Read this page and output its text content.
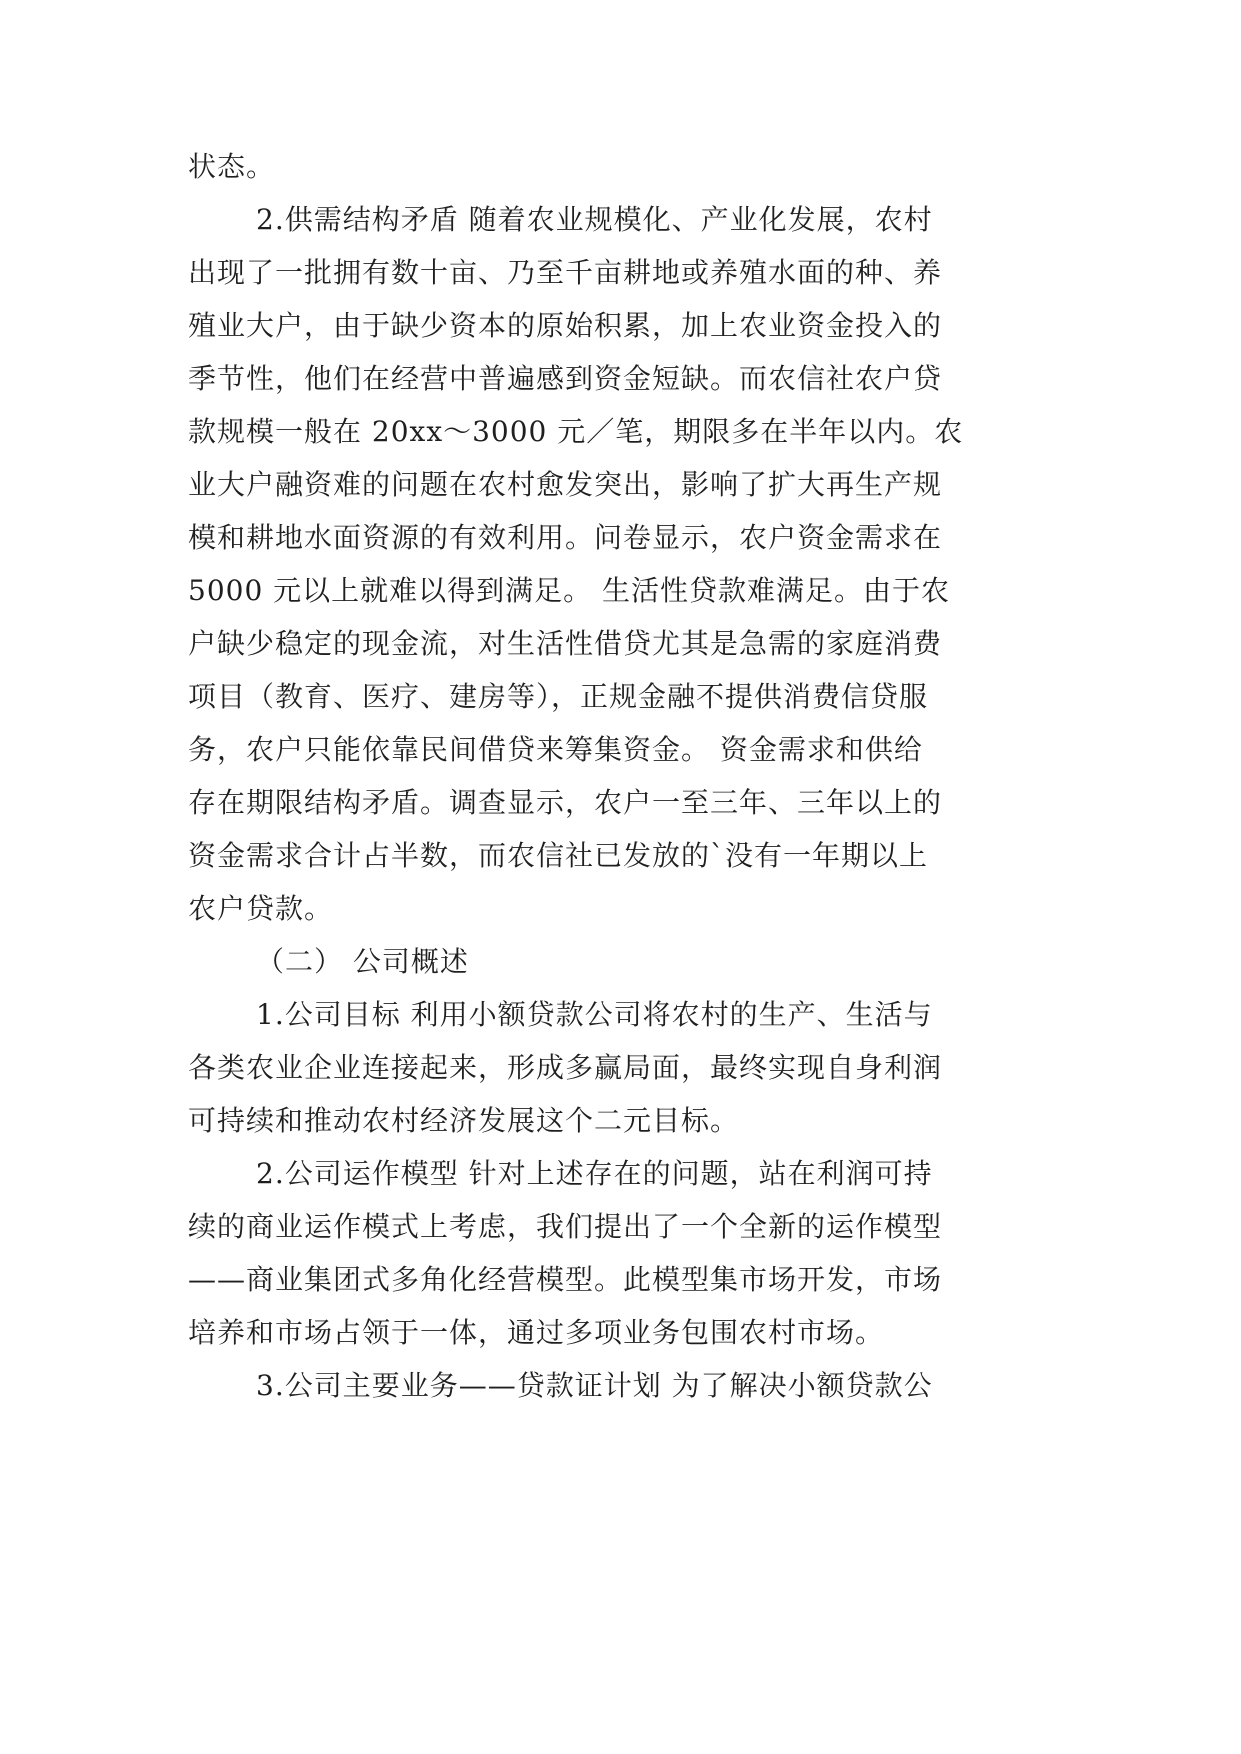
状态。
2.供需结构矛盾 随着农业规模化、产业化发展，农村
出现了一批拥有数十亩、乃至千亩耕地或养殖水面的种、养
殖业大户，由于缺少资本的原始积累，加上农业资金投入的
季节性，他们在经营中普遍感到资金短缺。而农信社农户贷
款规模一般在 20xx～3000 元／笔，期限多在半年以内。农
业大户融资难的问题在农村愈发突出，影响了扩大再生产规
模和耕地水面资源的有效利用。问卷显示，农户资金需求在
5000 元以上就难以得到满足。 生活性贷款难满足。由于农
户缺少稳定的现金流，对生活性借贷尤其是急需的家庭消费
项目（教育、医疗、建房等），正规金融不提供消费信贷服
务，农户只能依靠民间借贷来筹集资金。 资金需求和供给
存在期限结构矛盾。调查显示，农户一至三年、三年以上的
资金需求合计占半数，而农信社已发放的`没有一年期以上
农户贷款。
（二） 公司概述
1.公司目标 利用小额贷款公司将农村的生产、生活与
各类农业企业连接起来，形成多赢局面，最终实现自身利润
可持续和推动农村经济发展这个二元目标。
2.公司运作模型 针对上述存在的问题，站在利润可持
续的商业运作模式上考虑，我们提出了一个全新的运作模型
——商业集团式多角化经营模型。此模型集市场开发，市场
培养和市场占领于一体，通过多项业务包围农村市场。
3.公司主要业务——贷款证计划 为了解决小额贷款公
